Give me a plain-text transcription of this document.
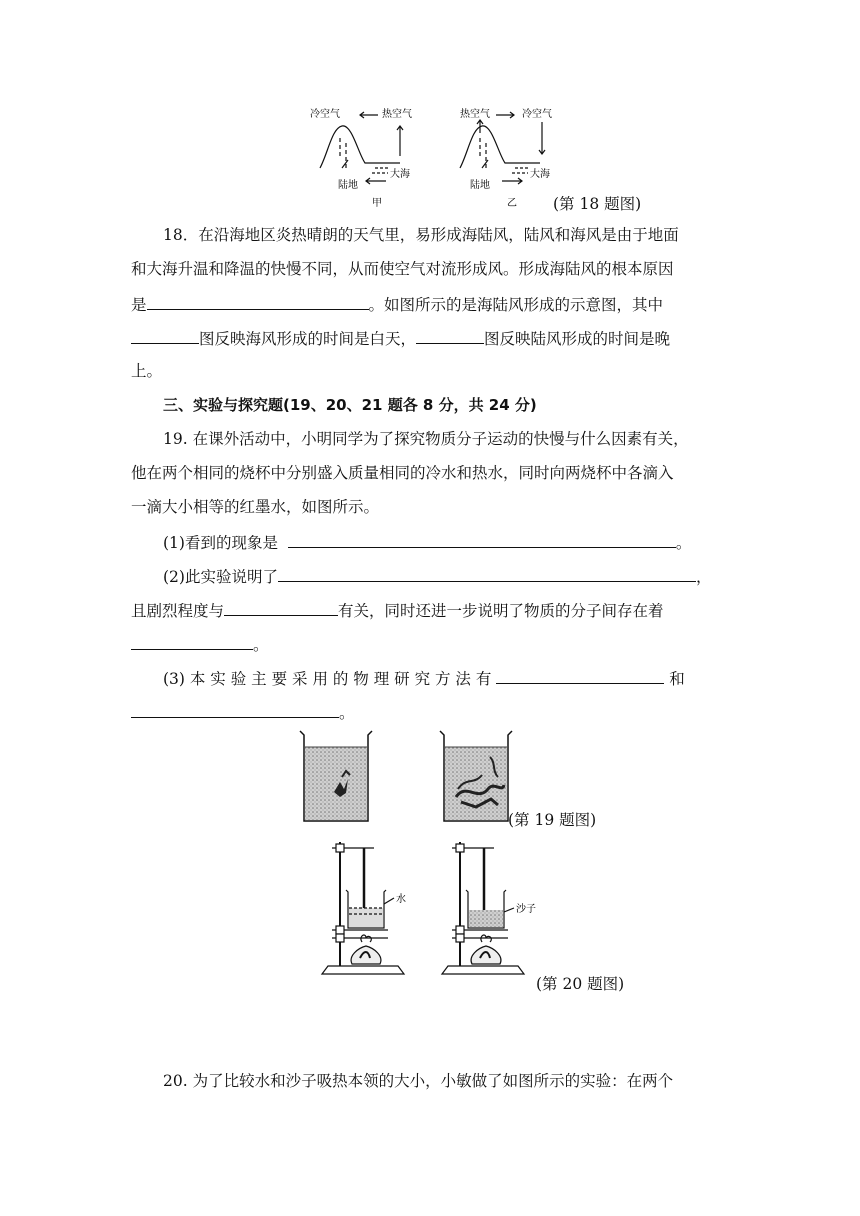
冷空气	热空气
陆地
大海
甲
热空气	冷空气
陆地
大海
乙 (第 18 题图)
18．在沿海地区炎热晴朗的天气里，易形成海陆风，陆风和海风是由于地面
和大海升温和降温的快慢不同，从而使空气对流形成风。形成海陆风的根本原因
是	。如图所示的是海陆风形成的示意图，其中
图反映海风形成的时间是白天，	图反映陆风形成的时间是晚
上。
三、实验与探究题(19、20、21 题各 8 分，共 24 分)
19. 在课外活动中，小明同学为了探究物质分子运动的快慢与什么因素有关，
他在两个相同的烧杯中分别盛入质量相同的冷水和热水，同时向两烧杯中各滴入
一滴大小相等的红墨水，如图所示。
(1)看到的现象是	。
(2)此实验说明了	，
且剧烈程度与	有关，同时还进一步说明了物质的分子间存在着
。
(3) 本 实 验 主 要 采 用 的 物 理 研 究 方 法 有	和
。
(第 19 题图)
水
沙子
(第 20 题图)
20. 为了比较水和沙子吸热本领的大小，小敏做了如图所示的实验：在两个
